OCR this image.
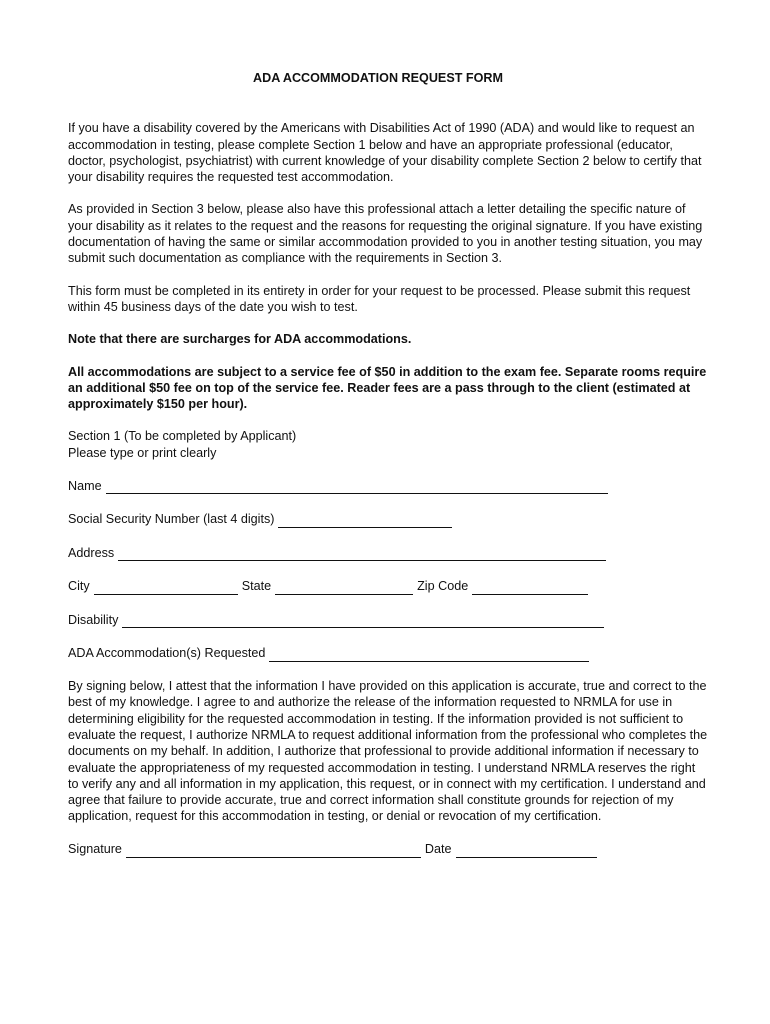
ADA ACCOMMODATION REQUEST FORM

If you have a disability covered by the Americans with Disabilities Act of 1990 (ADA) and would like to request an accommodation in testing, please complete Section 1 below and have an appropriate professional (educator, doctor, psychologist, psychiatrist) with current knowledge of your disability complete Section 2 below to certify that your disability requires the requested test accommodation.

As provided in Section 3 below, please also have this professional attach a letter detailing the specific nature of your disability as it relates to the request and the reasons for requesting the original signature. If you have existing documentation of having the same or similar accommodation provided to you in another testing situation, you may submit such documentation as compliance with the requirements in Section 3.

This form must be completed in its entirety in order for your request to be processed. Please submit this request within 45 business days of the date you wish to test.

Note that there are surcharges for ADA accommodations.

All accommodations are subject to a service fee of $50 in addition to the exam fee. Separate rooms require an additional $50 fee on top of the service fee. Reader fees are a pass through to the client (estimated at approximately $150 per hour).

Section 1 (To be completed by Applicant)
Please type or print clearly
Name
Social Security Number (last 4 digits)
Address
City	State	Zip Code
Disability
ADA Accommodation(s) Requested

By signing below, I attest that the information I have provided on this application is accurate, true and correct to the best of my knowledge. I agree to and authorize the release of the information requested to NRMLA for use in determining eligibility for the requested accommodation in testing. If the information provided is not sufficient to evaluate the request, I authorize NRMLA to request additional information from the professional who completes the documents on my behalf. In addition, I authorize that professional to provide additional information if necessary to evaluate the appropriateness of my requested accommodation in testing. I understand NRMLA reserves the right to verify any and all information in my application, this request, or in connect with my certification. I understand and agree that failure to provide accurate, true and correct information shall constitute grounds for rejection of my application, request for this accommodation in testing, or denial or revocation of my certification.

Signature	Date
